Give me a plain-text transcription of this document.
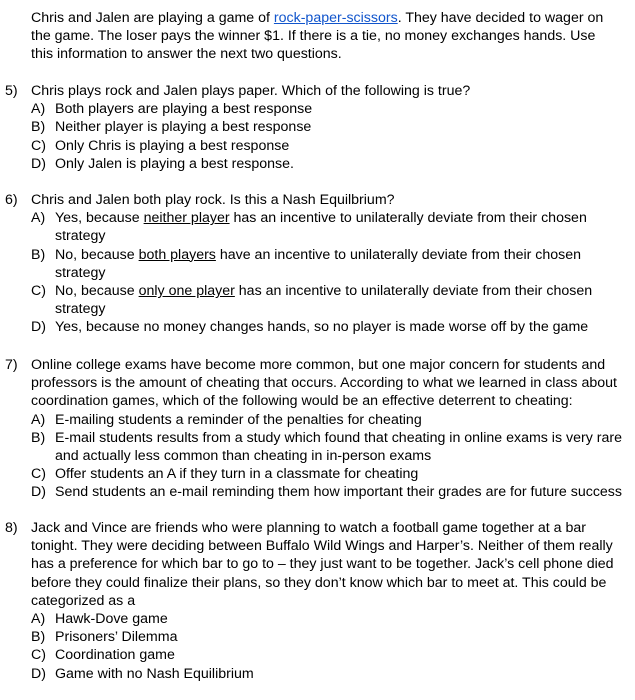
Chris and Jalen are playing a game of rock-paper-scissors. They have decided to wager on the game. The loser pays the winner $1. If there is a tie, no money exchanges hands. Use this information to answer the next two questions.
5) Chris plays rock and Jalen plays paper. Which of the following is true?
A) Both players are playing a best response
B) Neither player is playing a best response
C) Only Chris is playing a best response
D) Only Jalen is playing a best response.
6) Chris and Jalen both play rock. Is this a Nash Equilbrium?
A) Yes, because neither player has an incentive to unilaterally deviate from their chosen strategy
B) No, because both players have an incentive to unilaterally deviate from their chosen strategy
C) No, because only one player has an incentive to unilaterally deviate from their chosen strategy
D) Yes, because no money changes hands, so no player is made worse off by the game
7) Online college exams have become more common, but one major concern for students and professors is the amount of cheating that occurs. According to what we learned in class about coordination games, which of the following would be an effective deterrent to cheating:
A) E-mailing students a reminder of the penalties for cheating
B) E-mail students results from a study which found that cheating in online exams is very rare and actually less common than cheating in in-person exams
C) Offer students an A if they turn in a classmate for cheating
D) Send students an e-mail reminding them how important their grades are for future success
8) Jack and Vince are friends who were planning to watch a football game together at a bar tonight. They were deciding between Buffalo Wild Wings and Harper’s. Neither of them really has a preference for which bar to go to – they just want to be together. Jack’s cell phone died before they could finalize their plans, so they don’t know which bar to meet at. This could be categorized as a
A) Hawk-Dove game
B) Prisoners’ Dilemma
C) Coordination game
D) Game with no Nash Equilibrium
